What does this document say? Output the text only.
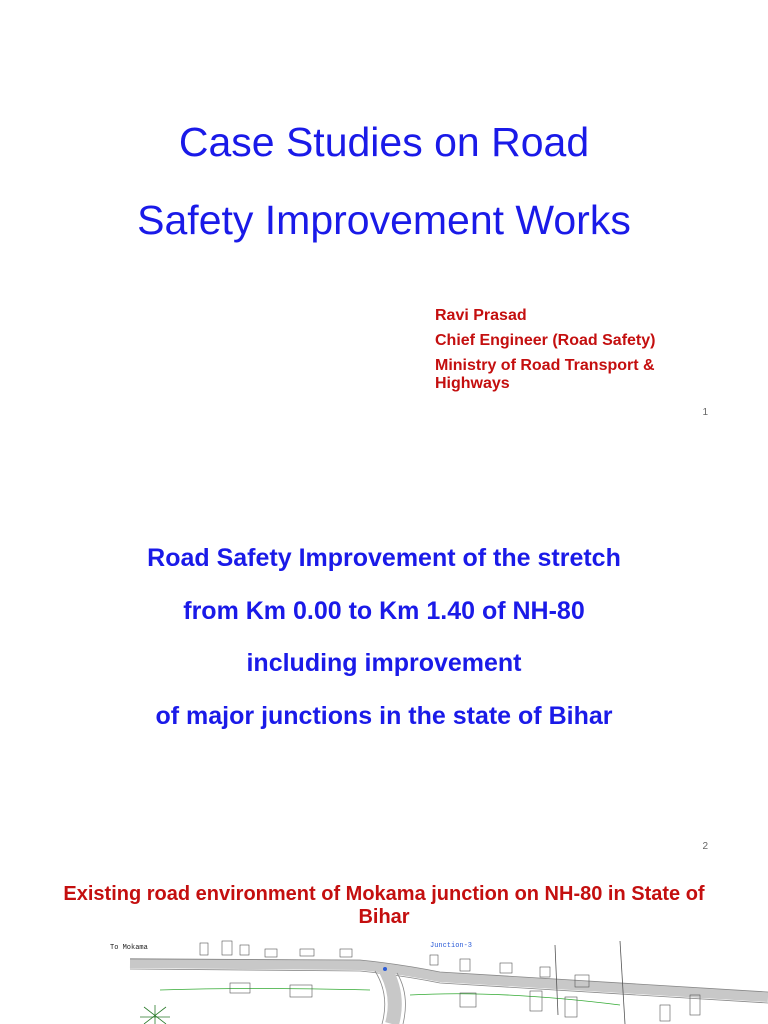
Case Studies on Road
Safety Improvement Works

Ravi Prasad

Chief Engineer (Road Safety)

Ministry of Road Transport & Highways

1

Road Safety Improvement of the stretch

from Km 0.00 to Km 1.40 of NH-80

including improvement

of major junctions in the state of Bihar

2

Existing road environment of Mokama junction on NH-80 in State of Bihar

To Mokama	Junction-3
